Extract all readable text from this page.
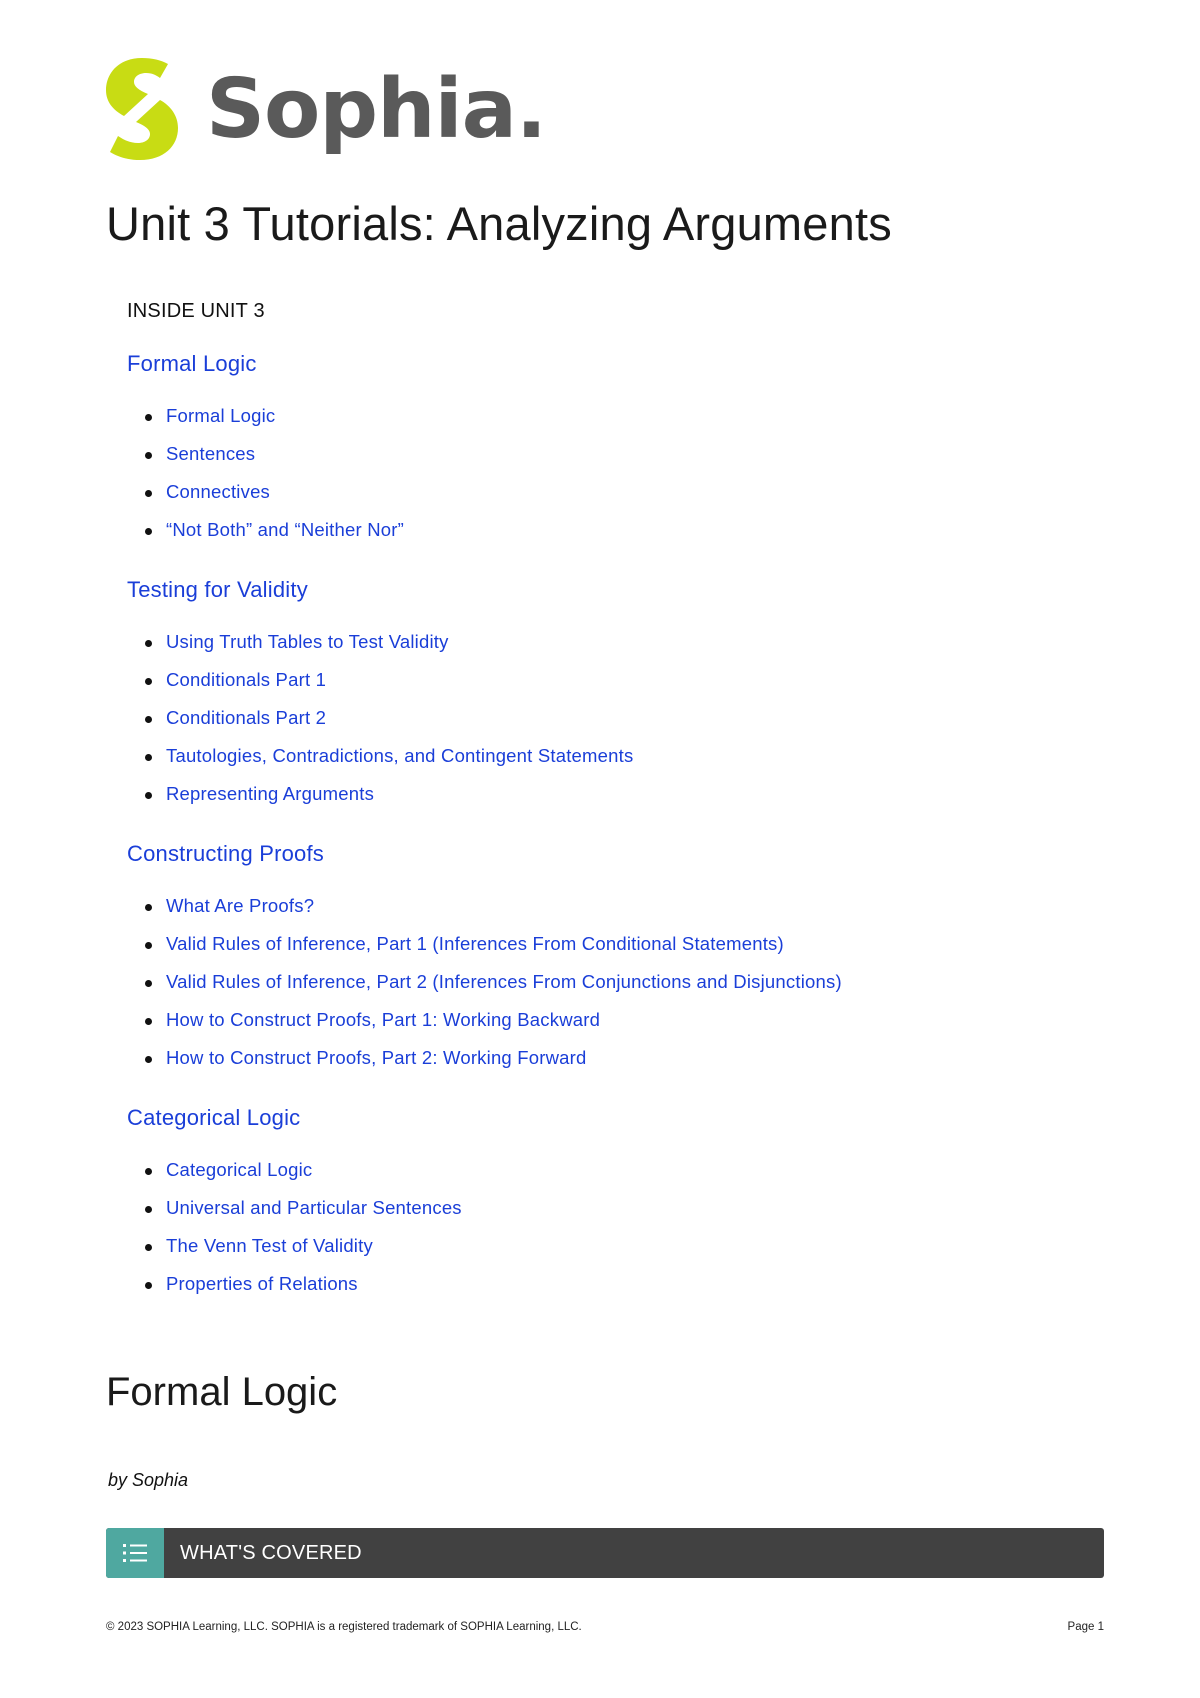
Sophia.
Unit 3 Tutorials: Analyzing Arguments
INSIDE UNIT 3
Formal Logic
Formal Logic
Sentences
Connectives
“Not Both” and “Neither Nor”
Testing for Validity
Using Truth Tables to Test Validity
Conditionals Part 1
Conditionals Part 2
Tautologies, Contradictions, and Contingent Statements
Representing Arguments
Constructing Proofs
What Are Proofs?
Valid Rules of Inference, Part 1 (Inferences From Conditional Statements)
Valid Rules of Inference, Part 2 (Inferences From Conjunctions and Disjunctions)
How to Construct Proofs, Part 1: Working Backward
How to Construct Proofs, Part 2: Working Forward
Categorical Logic
Categorical Logic
Universal and Particular Sentences
The Venn Test of Validity
Properties of Relations
Formal Logic
by Sophia
WHAT'S COVERED
© 2023 SOPHIA Learning, LLC. SOPHIA is a registered trademark of SOPHIA Learning, LLC.	Page 1
